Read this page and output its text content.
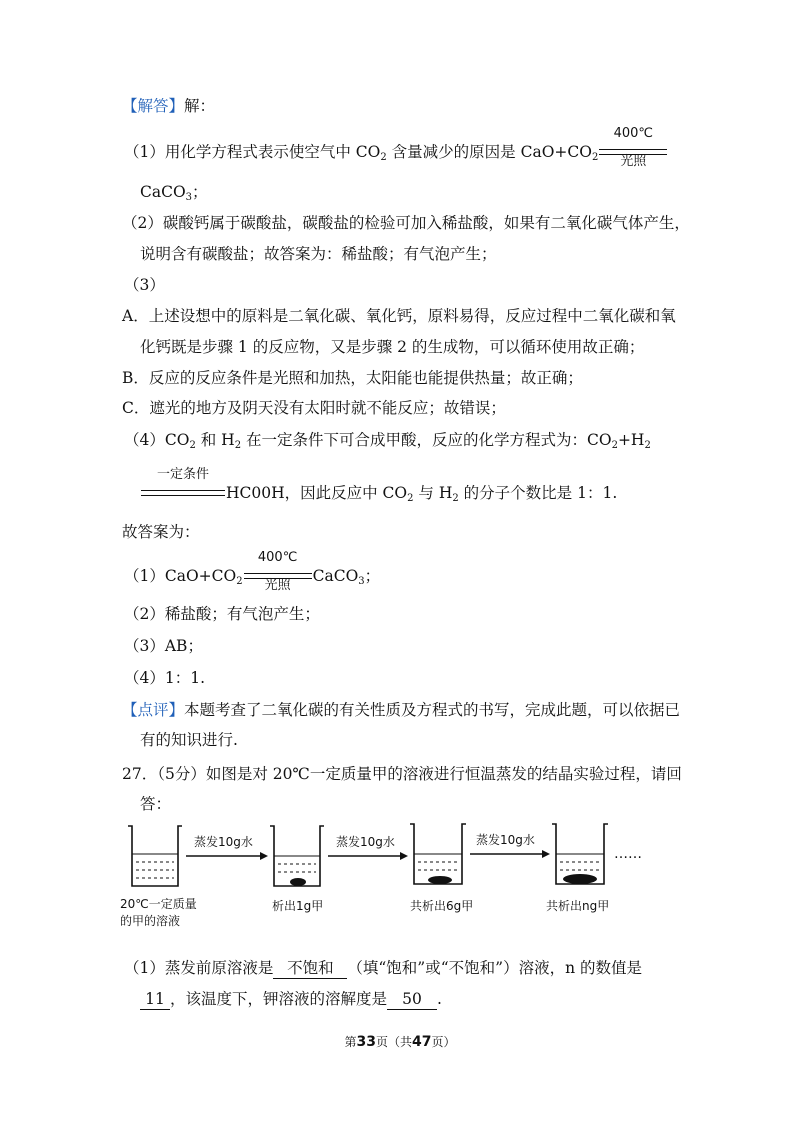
【解答】解：
（1）用化学方程式表示使空气中 $CO_2$ 含量减少的原因是 $CaO+CO_2$
400℃
光照
CaCO$_3$；
（2）碳酸钙属于碳酸盐，碳酸盐的检验可加入稀盐酸，如果有二氧化碳气体产生，
说明含有碳酸盐；故答案为：稀盐酸；有气泡产生；
（3）
A．上述设想中的原料是二氧化碳、氧化钙，原料易得，反应过程中二氧化碳和氧
化钙既是步骤 1 的反应物，又是步骤 2 的生成物，可以循环使用故正确；
B．反应的反应条件是光照和加热，太阳能也能提供热量；故正确；
C．遮光的地方及阴天没有太阳时就不能反应；故错误；
$(4)CO_2$ 和 $H_2$ 在一定条件下可合成甲酸，反应的化学方程式为：$CO_2+H_2$
一定条件
HC00H，因此反应中 $CO_2$ 与 $H_2$ 的分子个数比是 1：1.
故答案为：
$(1)CaO+CO_2$
400℃
光照
CaCO$_3$；
（2）稀盐酸；有气泡产生；
（3）AB；
（4）1：1.
【点评】本题考查了二氧化碳的有关性质及方程式的书写，完成此题，可以依据已
有的知识进行.
27．（5分）如图是对 20℃一定质量甲的溶液进行恒温蒸发的结晶实验过程，请回
答：
蒸发10g水	蒸发10g水	蒸发10g水
……
20℃一定质量
的甲的溶液
析出1g甲	共析出6g甲	共析出ng甲
（1）蒸发前原溶液是 不饱和 （填“饱和”或“不饱和”）溶液，n 的数值是
11 ，该温度下，钾溶液的溶解度是 50 .
第33页（共47页）
